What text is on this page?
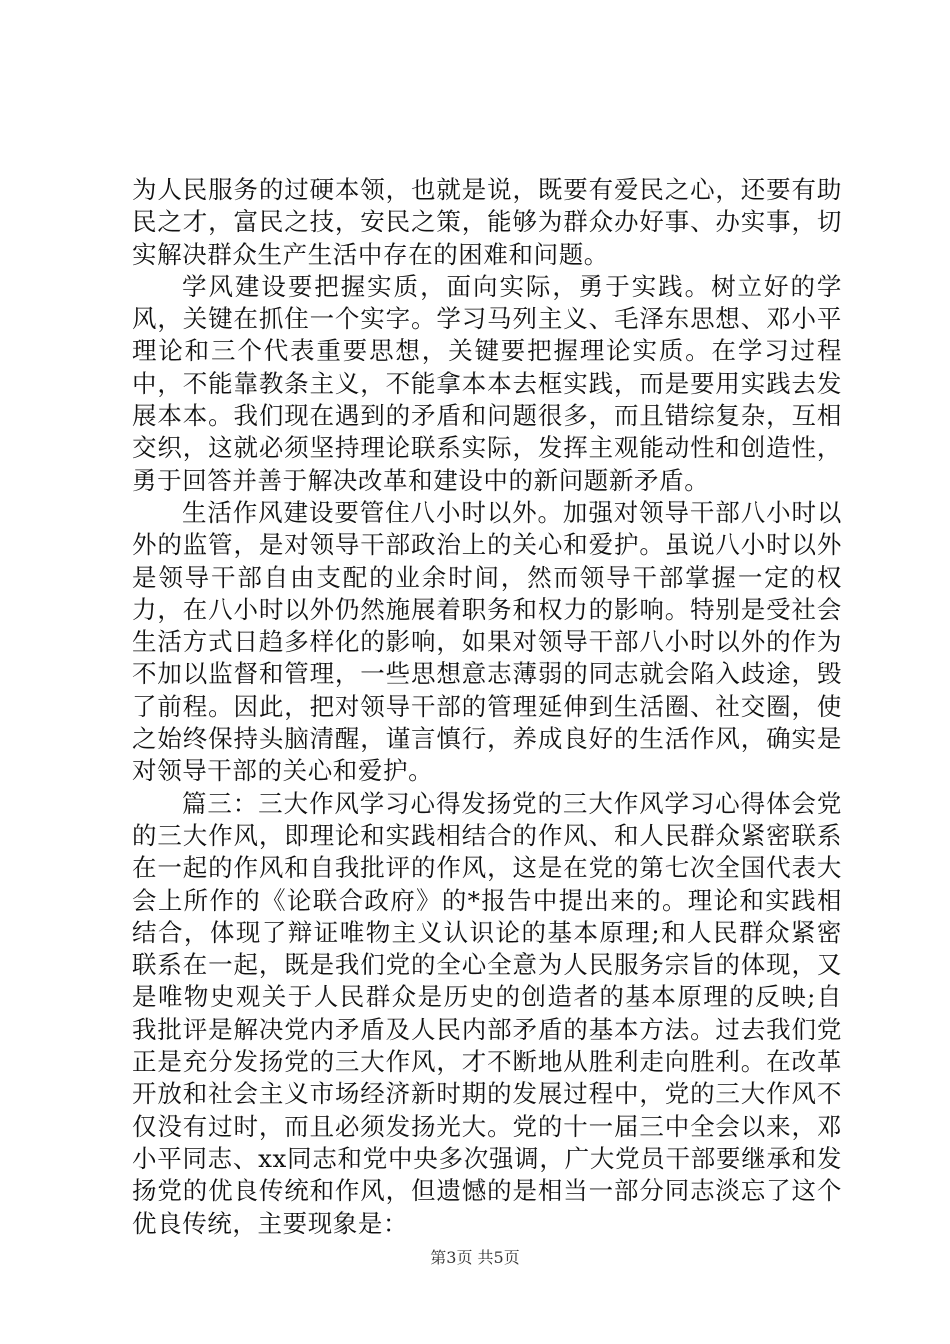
为人民服务的过硬本领，也就是说，既要有爱民之心，还要有助民之才，富民之技，安民之策，能够为群众办好事、办实事，切实解决群众生产生活中存在的困难和问题。

学风建设要把握实质，面向实际，勇于实践。树立好的学风，关键在抓住一个实字。学习马列主义、毛泽东思想、邓小平理论和三个代表重要思想，关键要把握理论实质。在学习过程中，不能靠教条主义，不能拿本本去框实践，而是要用实践去发展本本。我们现在遇到的矛盾和问题很多，而且错综复杂，互相交织，这就必须坚持理论联系实际，发挥主观能动性和创造性，勇于回答并善于解决改革和建设中的新问题新矛盾。

生活作风建设要管住八小时以外。加强对领导干部八小时以外的监管，是对领导干部政治上的关心和爱护。虽说八小时以外是领导干部自由支配的业余时间，然而领导干部掌握一定的权力，在八小时以外仍然施展着职务和权力的影响。特别是受社会生活方式日趋多样化的影响，如果对领导干部八小时以外的作为不加以监督和管理，一些思想意志薄弱的同志就会陷入歧途，毁了前程。因此，把对领导干部的管理延伸到生活圈、社交圈，使之始终保持头脑清醒，谨言慎行，养成良好的生活作风，确实是对领导干部的关心和爱护。

篇三：三大作风学习心得发扬党的三大作风学习心得体会党的三大作风，即理论和实践相结合的作风、和人民群众紧密联系在一起的作风和自我批评的作风，这是在党的第七次全国代表大会上所作的《论联合政府》的*报告中提出来的。理论和实践相结合，体现了辩证唯物主义认识论的基本原理;和人民群众紧密联系在一起，既是我们党的全心全意为人民服务宗旨的体现，又是唯物史观关于人民群众是历史的创造者的基本原理的反映;自我批评是解决党内矛盾及人民内部矛盾的基本方法。过去我们党正是充分发扬党的三大作风，才不断地从胜利走向胜利。在改革开放和社会主义市场经济新时期的发展过程中，党的三大作风不仅没有过时，而且必须发扬光大。党的十一届三中全会以来，邓小平同志、xx同志和党中央多次强调，广大党员干部要继承和发扬党的优良传统和作风，但遗憾的是相当一部分同志淡忘了这个优良传统，主要现象是：

第3页 共5页
